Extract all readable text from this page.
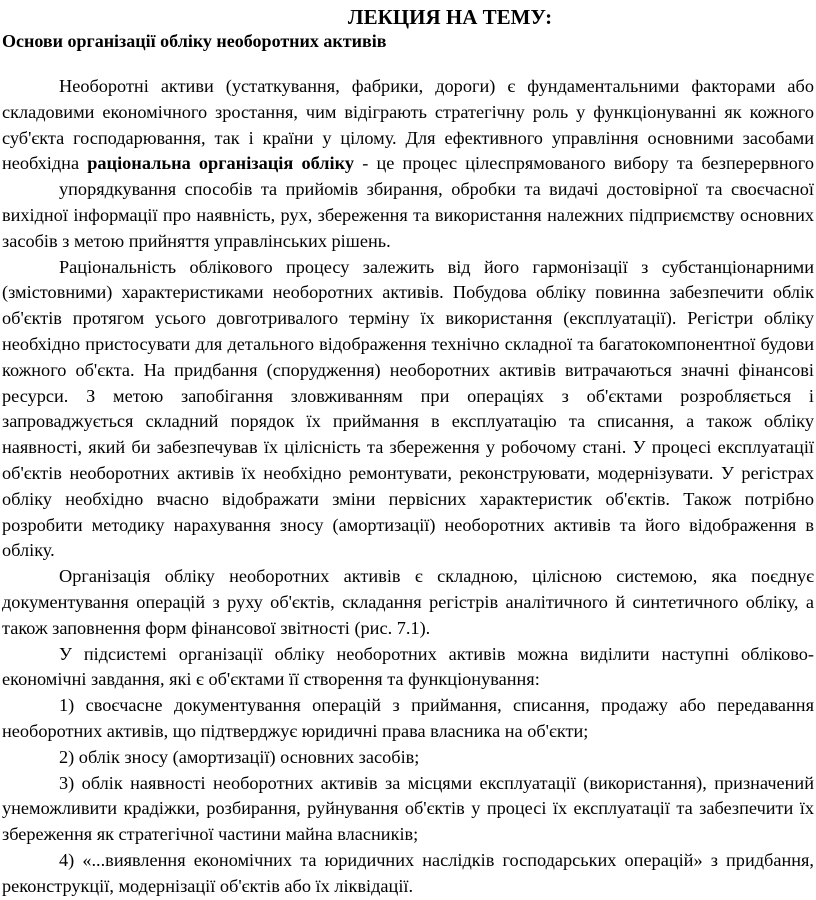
ЛЕКЦИЯ НА ТЕМУ:
Основи організації обліку необоротних активів

Необоротні активи (устаткування, фабрики, дороги) є фундаментальними факторами або складовими економічного зростання, чим відіграють стратегічну роль у функціонуванні як кожного суб'єкта господарювання, так і країни у цілому. Для ефективного управління основними засобами необхідна раціональна організація обліку - це процес цілеспрямованого вибору та безперервного

упорядкування способів та прийомів збирання, обробки та видачі достовірної та своєчасної вихідної інформації про наявність, рух, збереження та використання належних підприємству основних засобів з метою прийняття управлінських рішень.

Раціональність облікового процесу залежить від його гармонізації з субстанціонарними (змістовними) характеристиками необоротних активів. Побудова обліку повинна забезпечити облік об'єктів протягом усього довготривалого терміну їх використання (експлуатації). Регістри обліку необхідно пристосувати для детального відображення технічно складної та багатокомпонентної будови кожного об'єкта. На придбання (спорудження) необоротних активів витрачаються значні фінансові ресурси. З метою запобігання зловживанням при операціях з об'єктами розробляється і запроваджується складний порядок їх приймання в експлуатацію та списання, а також обліку наявності, який би забезпечував їх цілісність та збереження у робочому стані. У процесі експлуатації об'єктів необоротних активів їх необхідно ремонтувати, реконструювати, модернізувати. У регістрах обліку необхідно вчасно відображати зміни первісних характеристик об'єктів. Також потрібно розробити методику нарахування зносу (амортизації) необоротних активів та його відображення в обліку.

Організація обліку необоротних активів є складною, цілісною системою, яка поєднує документування операцій з руху об'єктів, складання регістрів аналітичного й синтетичного обліку, а також заповнення форм фінансової звітності (рис. 7.1).

У підсистемі організації обліку необоротних активів можна виділити наступні обліково-економічні завдання, які є об'єктами її створення та функціонування:

1) своєчасне документування операцій з приймання, списання, продажу або передавання необоротних активів, що підтверджує юридичні права власника на об'єкти;

2) облік зносу (амортизації) основних засобів;

3) облік наявності необоротних активів за місцями експлуатації (використання), призначений унеможливити крадіжки, розбирання, руйнування об'єктів у процесі їх експлуатації та забезпечити їх збереження як стратегічної частини майна власників;

4) «...виявлення економічних та юридичних наслідків господарських операцій» з придбання, реконструкції, модернізації об'єктів або їх ліквідації.
